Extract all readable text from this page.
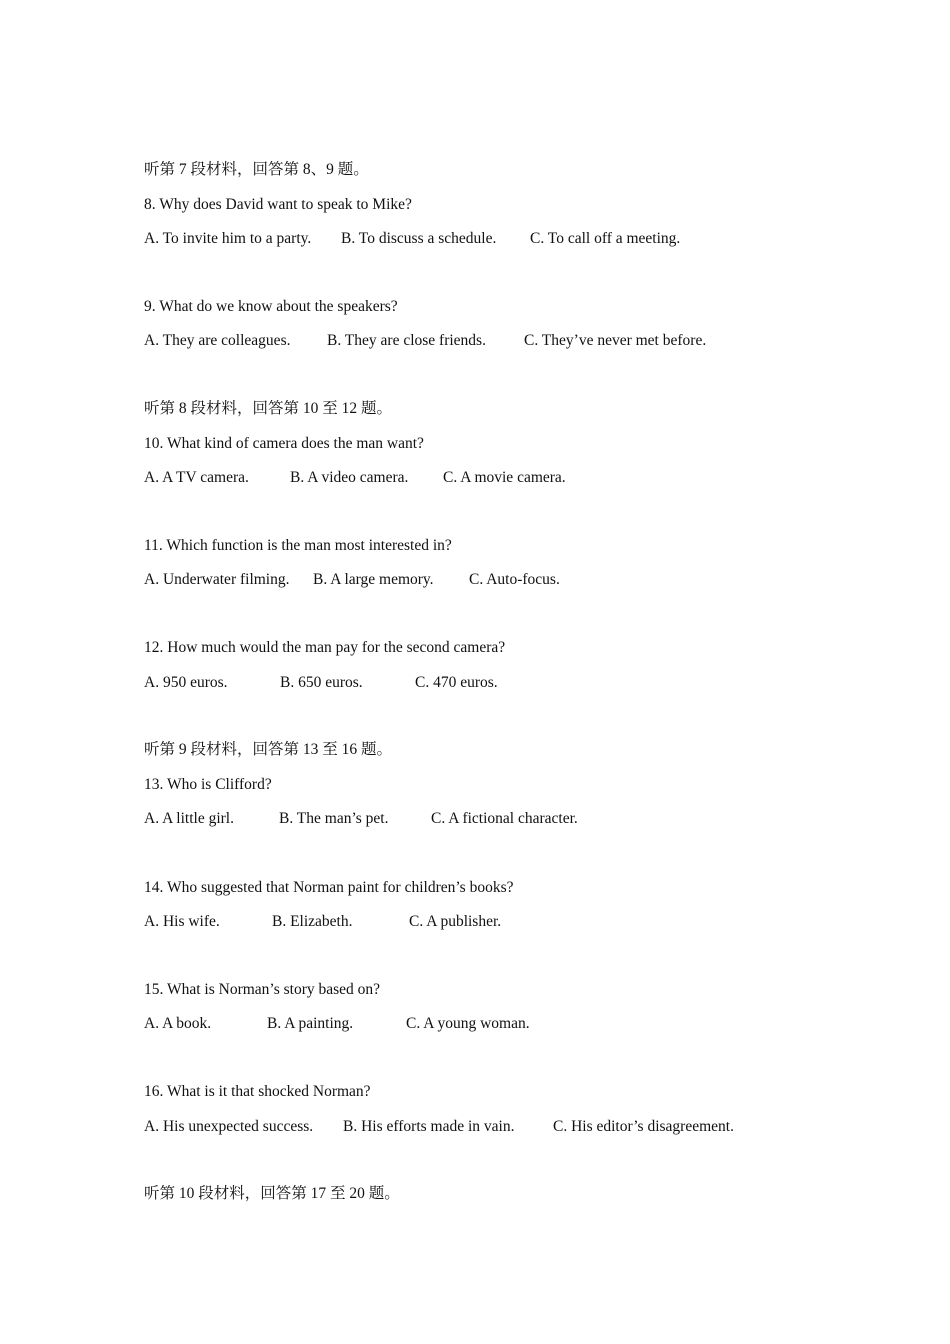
听第 7 段材料，回答第 8、9 题。
8. Why does David want to speak to Mike?
A. To invite him to a party. B. To discuss a schedule. C. To call off a meeting.
9. What do we know about the speakers?
A. They are colleagues. B. They are close friends. C. They’ve never met before.
听第 8 段材料，回答第 10 至 12 题。
10. What kind of camera does the man want?
A. A TV camera.	B. A video camera. C. A movie camera.
11. Which function is the man most interested in?
A. Underwater filming. B. A large memory. C. Auto-focus.
12. How much would the man pay for the second camera?
A. 950 euros.	B. 650 euros.	C. 470 euros.
听第 9 段材料，回答第 13 至 16 题。
13. Who is Clifford?
A. A little girl.	B. The man’s pet.	C. A fictional character.
14. Who suggested that Norman paint for children’s books?
A. His wife.	B. Elizabeth.	C. A publisher.
15. What is Norman’s story based on?
A. A book.	B. A painting.	C. A young woman.
16. What is it that shocked Norman?
A. His unexpected success. B. His efforts made in vain. C. His editor’s disagreement.
听第 10 段材料，回答第 17 至 20 题。
